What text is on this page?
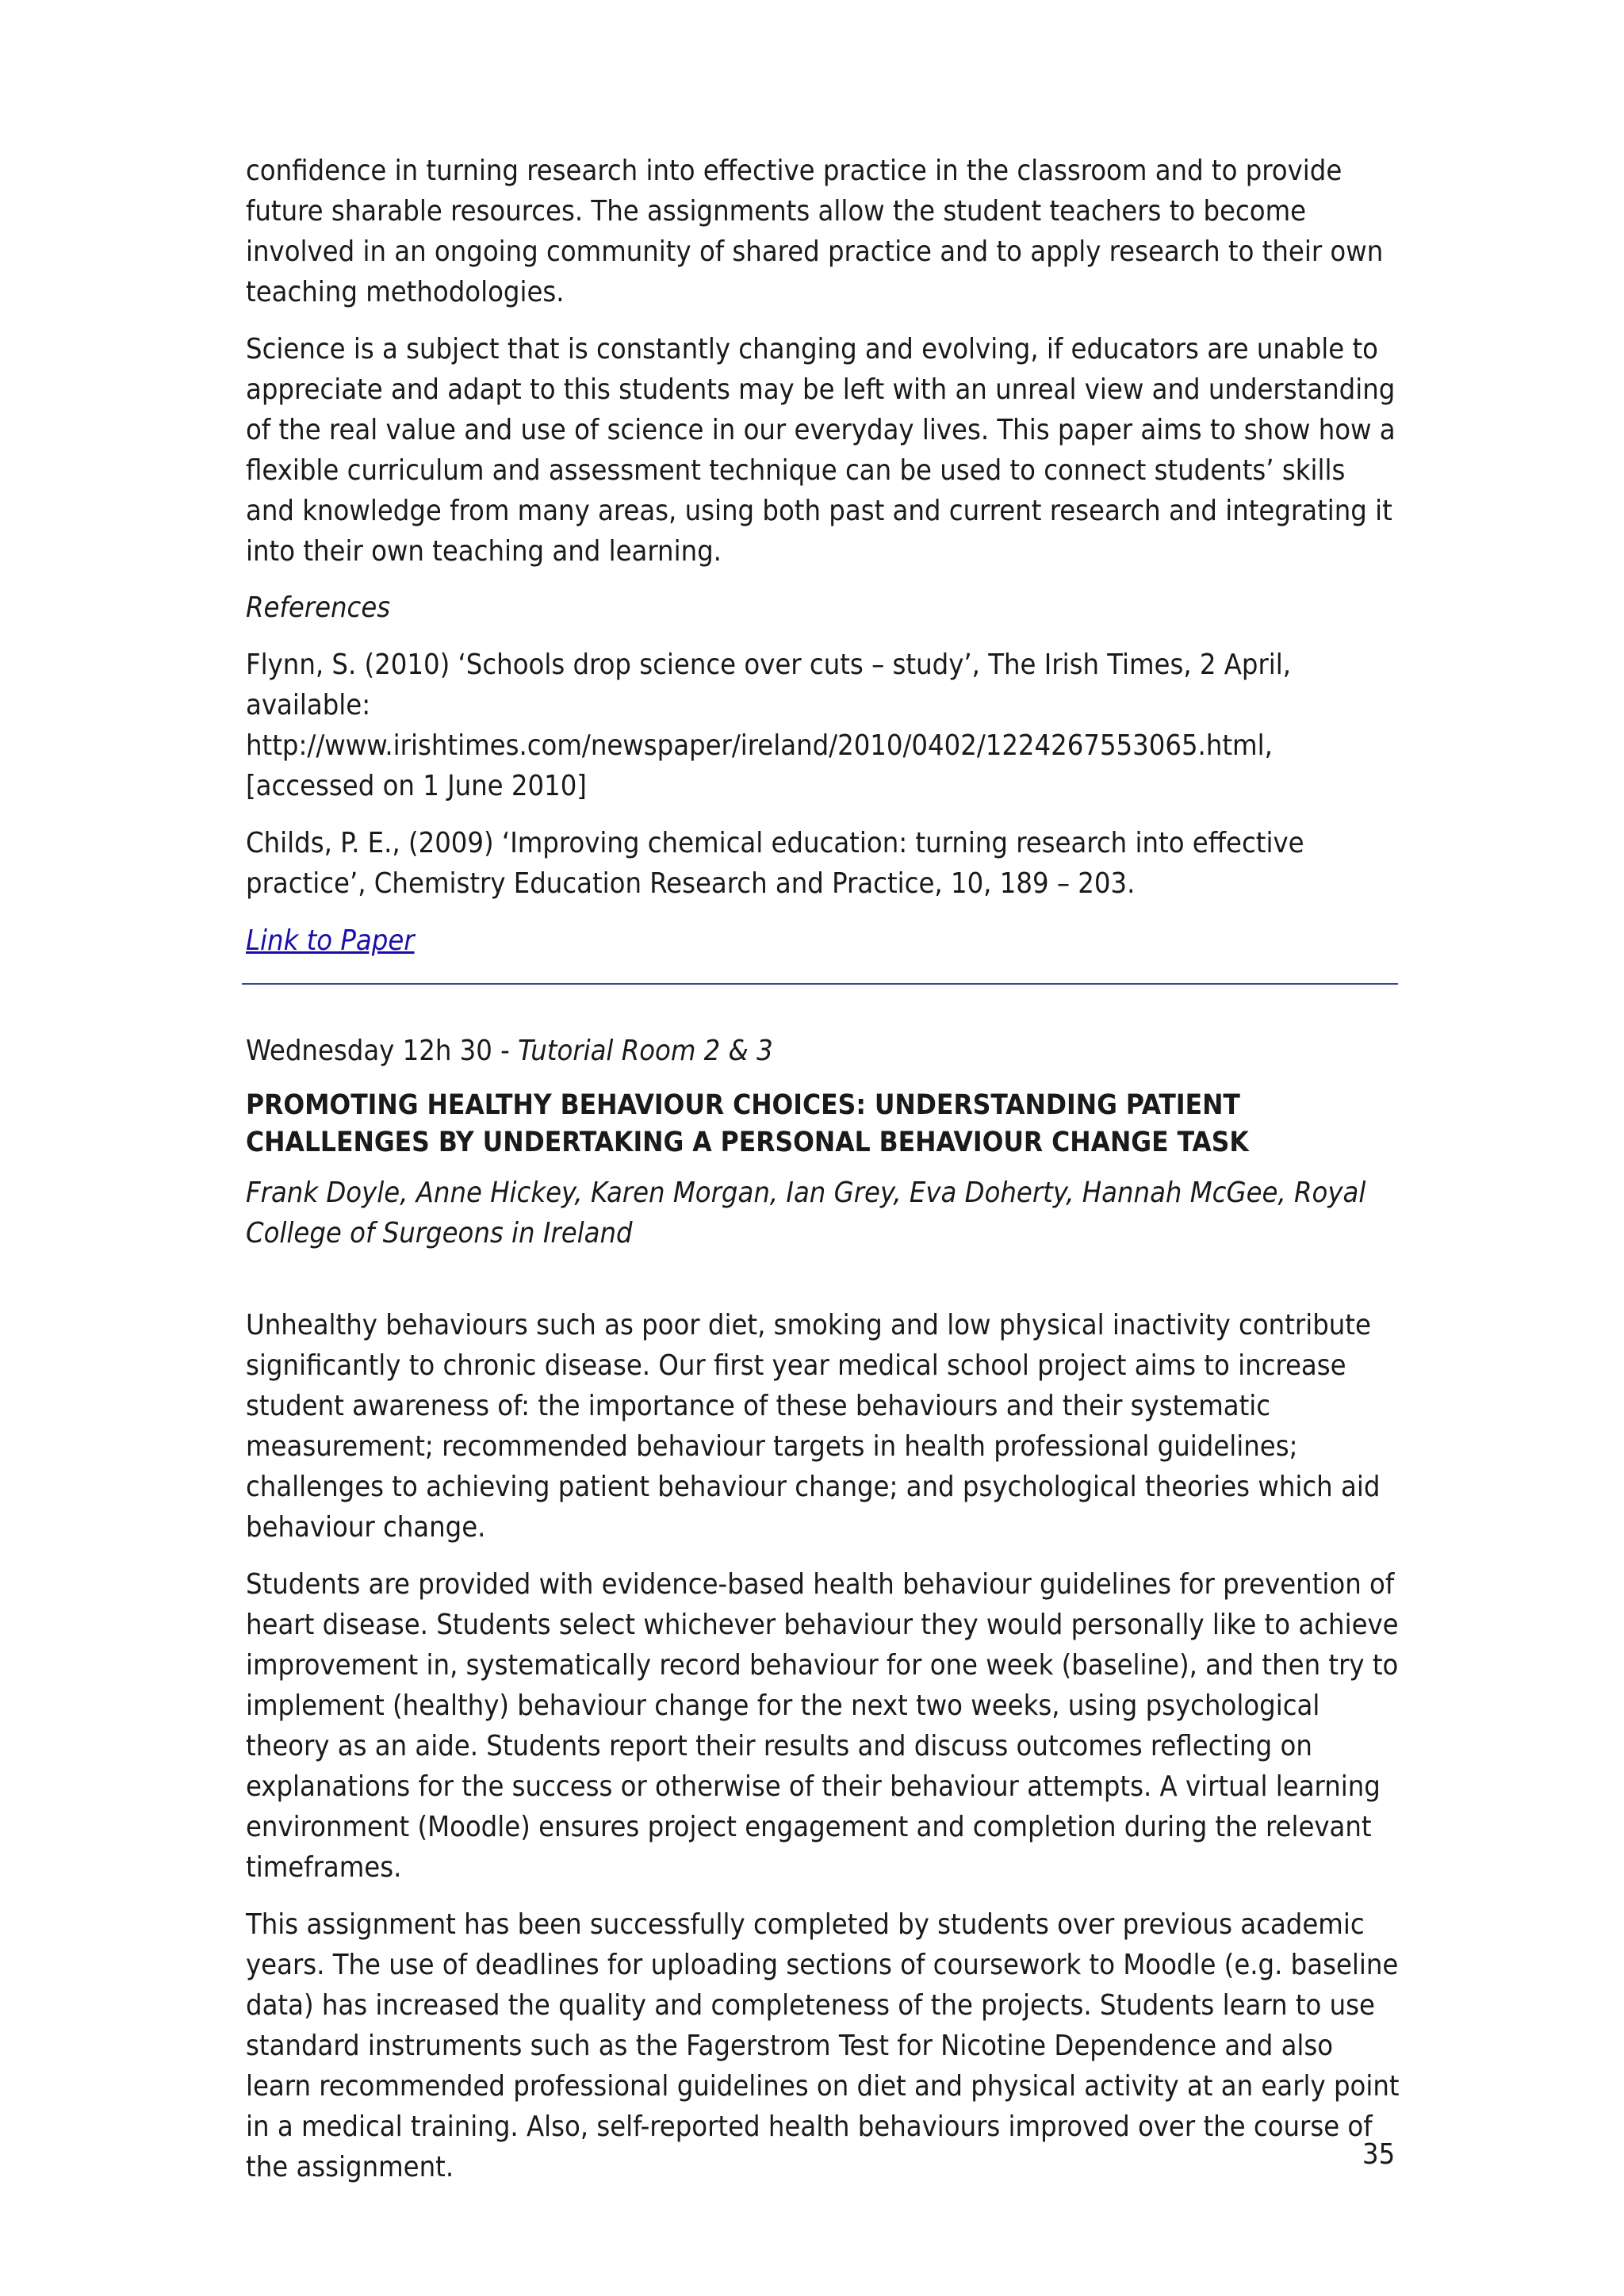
confidence in turning research into effective practice in the classroom and to provide future sharable resources. The assignments allow the student teachers to become involved in an ongoing community of shared practice and to apply research to their own teaching methodologies.

Science is a subject that is constantly changing and evolving, if educators are unable to appreciate and adapt to this students may be left with an unreal view and understanding of the real value and use of science in our everyday lives. This paper aims to show how a flexible curriculum and assessment technique can be used to connect students’ skills and knowledge from many areas, using both past and current research and integrating it into their own teaching and learning.

References

Flynn, S. (2010) ‘Schools drop science over cuts – study’, The Irish Times, 2 April, available: http://www.irishtimes.com/newspaper/ireland/2010/0402/1224267553065.html, [accessed on 1 June 2010]

Childs, P. E., (2009) ‘Improving chemical education: turning research into effective practice’, Chemistry Education Research and Practice, 10, 189 – 203.

Link to Paper

Wednesday 12h 30 - Tutorial Room 2 & 3

PROMOTING HEALTHY BEHAVIOUR CHOICES: UNDERSTANDING PATIENT CHALLENGES BY UNDERTAKING A PERSONAL BEHAVIOUR CHANGE TASK

Frank Doyle, Anne Hickey, Karen Morgan, Ian Grey, Eva Doherty, Hannah McGee, Royal College of Surgeons in Ireland

Unhealthy behaviours such as poor diet, smoking and low physical inactivity contribute significantly to chronic disease. Our first year medical school project aims to increase student awareness of: the importance of these behaviours and their systematic measurement; recommended behaviour targets in health professional guidelines; challenges to achieving patient behaviour change; and psychological theories which aid behaviour change.

Students are provided with evidence-based health behaviour guidelines for prevention of heart disease. Students select whichever behaviour they would personally like to achieve improvement in, systematically record behaviour for one week (baseline), and then try to implement (healthy) behaviour change for the next two weeks, using psychological theory as an aide. Students report their results and discuss outcomes reflecting on explanations for the success or otherwise of their behaviour attempts. A virtual learning environment (Moodle) ensures project engagement and completion during the relevant timeframes.

This assignment has been successfully completed by students over previous academic years. The use of deadlines for uploading sections of coursework to Moodle (e.g. baseline data) has increased the quality and completeness of the projects. Students learn to use standard instruments such as the Fagerstrom Test for Nicotine Dependence and also learn recommended professional guidelines on diet and physical activity at an early point in a medical training. Also, self-reported health behaviours improved over the course of the assignment.	35
